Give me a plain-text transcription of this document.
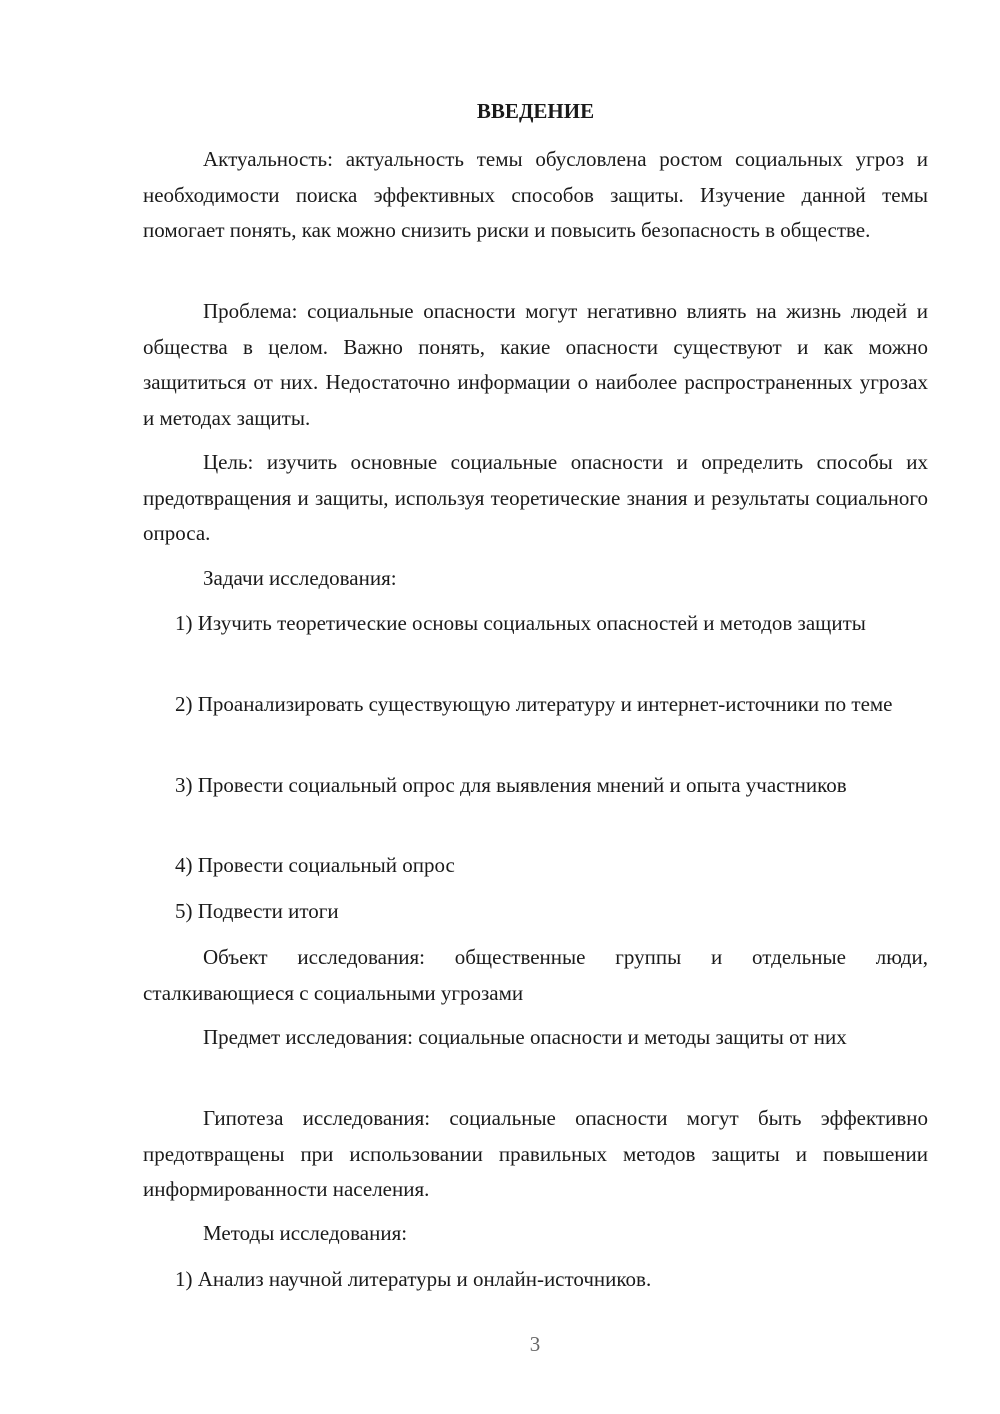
ВВЕДЕНИЕ

Актуальность: актуальность темы обусловлена ростом социальных угроз и необходимости поиска эффективных способов защиты. Изучение данной темы помогает понять, как можно снизить риски и повысить безопасность в обществе.

Проблема: социальные опасности могут негативно влиять на жизнь людей и общества в целом. Важно понять, какие опасности существуют и как можно защититься от них. Недостаточно информации о наиболее распространенных угрозах и методах защиты.

Цель: изучить основные социальные опасности и определить способы их предотвращения и защиты, используя теоретические знания и результаты социального опроса.

Задачи исследования:

1) Изучить теоретические основы социальных опасностей и методов защиты

2) Проанализировать существующую литературу и интернет-источники по теме

3) Провести социальный опрос для выявления мнений и опыта участников

4) Провести социальный опрос

5) Подвести итоги

Объект исследования: общественные группы и отдельные люди, сталкивающиеся с социальными угрозами

Предмет исследования: социальные опасности и методы защиты от них

Гипотеза исследования: социальные опасности могут быть эффективно предотвращены при использовании правильных методов защиты и повышении информированности населения.

Методы исследования:

1) Анализ научной литературы и онлайн-источников.

3
